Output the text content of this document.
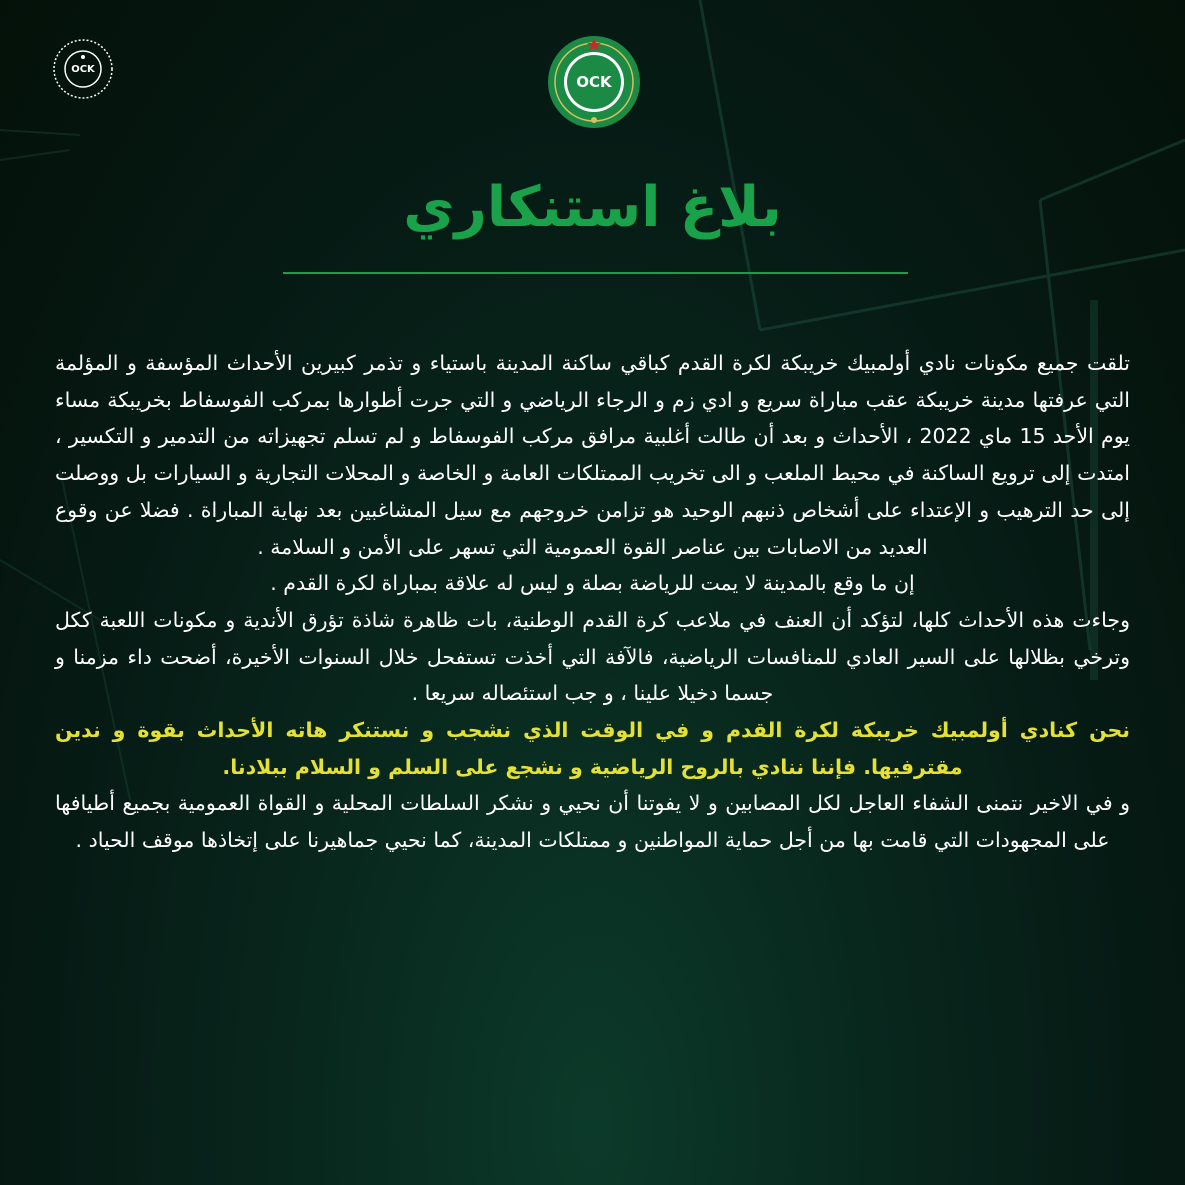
OCK
OCK
بلاغ استنكاري

تلقت جميع مكونات نادي أولمبيك خريبكة لكرة القدم كباقي ساكنة المدينة باستياء و تذمر كبيرين الأحداث المؤسفة و المؤلمة التي عرفتها مدينة خريبكة عقب مباراة سريع و ادي زم و الرجاء الرياضي و التي جرت أطوارها بمركب الفوسفاط بخريبكة مساء يوم الأحد 15 ماي 2022 ، الأحداث و بعد أن طالت أغلبية مرافق مركب الفوسفاط و لم تسلم تجهيزاته من التدمير و التكسير ، امتدت إلى ترويع الساكنة في محيط الملعب و الى تخريب الممتلكات العامة و الخاصة و المحلات التجارية و السيارات بل ووصلت إلى حد الترهيب و الإعتداء على أشخاص ذنبهم الوحيد هو تزامن خروجهم مع سيل المشاغبين بعد نهاية المباراة . فضلا عن وقوع العديد من الاصابات بين عناصر القوة العمومية التي تسهر على الأمن و السلامة .

إن ما وقع بالمدينة لا يمت للرياضة بصلة و ليس له علاقة بمباراة لكرة القدم .

وجاءت هذه الأحداث كلها، لتؤكد أن العنف في ملاعب كرة القدم الوطنية، بات ظاهرة شاذة تؤرق الأندية و مكونات اللعبة ككل وترخي بظلالها على السير العادي للمنافسات الرياضية، فالآفة التي أخذت تستفحل خلال السنوات الأخيرة، أضحت داء مزمنا و جسما دخيلا علينا ، و جب استئصاله سريعا .

نحن كنادي أولمبيك خريبكة لكرة القدم و في الوقت الذي نشجب و نستنكر هاته الأحداث بقوة و ندين مقترفيها. فإننا ننادي بالروح الرياضية و نشجع على السلم و السلام ببلادنا.

و في الاخير نتمنى الشفاء العاجل لكل المصابين و لا يفوتنا أن نحيي و نشكر السلطات المحلية و القواة العمومية بجميع أطيافها على المجهودات التي قامت بها من أجل حماية المواطنين و ممتلكات المدينة، كما نحيي جماهيرنا على إتخاذها موقف الحياد .
